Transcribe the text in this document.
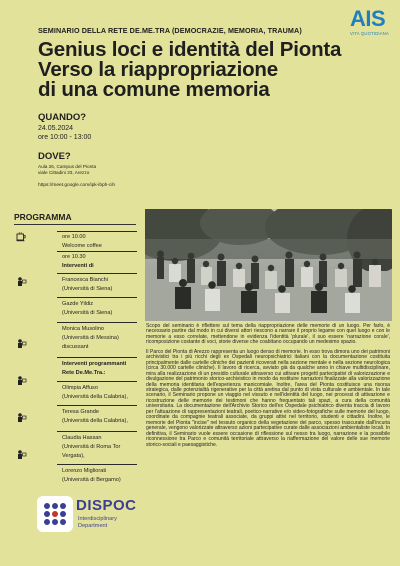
SEMINARIO DELLA RETE DE.ME.TRA (DEMOCRAZIE, MEMORIA, TRAUMA) AIS
VITA QUOTIDIANA
Genius loci e identità del Pionta
Verso la riappropriazione
di una comune memoria
QUANDO?
24.05.2024
ore 10:00 - 13:00
DOVE?
Aula 26, Campus del Pionta
viale Cittadini 33, Arezzo
https://meet.google.com/ipk-ibph-cih
PROGRAMMA
ore 10.00
Welcome coffee
ore 10.30
Interventi di
Francesca Bianchi
(Università di Siena)
Gazde Yildiz
(Università di Siena)
Monica Musolino
(Università di Messina)
discussant
Interventi programmanti
Rete De.Me.Tra.:
Olimpia Affuso
(Università della Calabria),
Teresa Grande
(Università della Calabria),
Claudia Hassan
(Università di Roma Tor
Vergata),
Lorenzo Migliorati
(Università di Bergamo)
DISPOC
Interdisciplinary
Department

Scopo del seminario è riflettere sul tema della riappropriazione delle memorie di un luogo. Per farlo, è necessario partire dal modo in cui diversi attori riescono a narrare il proprio legame con quel luogo e con le memorie a esso correlate, mettendone in evidenza l'identità 'plurale', il suo essere 'narrazione corale', ricomposizione costante di voci, storie diverse che coabitano occupando un medesimo spazio.

Il Parco del Pionta di Arezzo rappresenta un luogo denso di memorie. In esso trova dimora uno dei patrimoni archivistici tra i più ricchi degli ex Ospedali neuropsichiatrici italiani con la documentazione costituita principalmente dalle cartelle cliniche dei pazienti ricoverati nella sezione mentale e nella sezione neurologica (circa 30.000 cartelle cliniche). Il lavoro di ricerca, avviato già da qualche anno in chiave multidisciplinare, mira alla realizzazione di un presidio culturale attraverso cui attivare progetti partecipativi di valorizzazione e divulgazione del patrimonio storico-archivistico in modo da restituire narrazioni finalizzate alla valorizzazione della memoria identitaria dell'esperienza manicomiale. Inoltre, l'area del Pionta costituisce una risorsa strategica, dalle potenzialità rigenerative per la città aretina dal punto di vista culturale e ambientale. In tale scenario, il Seminario propone un viaggio nel vissuto e nell'identità del luogo, nei processi di attivazione e ricostruzione delle memorie dei testimoni che hanno frequentato tali spazi, a cura della comunità universitaria. La documentazione dell'Archivio Storico dell'ex Ospedale psichiatrico diventa traccia di lavoro per l'attuazione di rappresentazioni teatrali, poetico-narrative e/o video-fotografiche sulle memorie del luogo, coordinate da compagnie teatrali associate, da gruppi attivi nel territorio, studenti e cittadini. Inoltre, le memorie del Pionta "incise" nel tessuto organico della vegetazione del parco, spesso trascurate dall'incuria generale, vengono valorizzate attraverso azioni partecipative curate dalle associazioni ambientaliste locali. In definitiva, il Seminario vuole essere occasione di riflessione sul nesso tra luogo, narrazione e la possibile riconnessione tra Parco e comunità territoriale attraverso la riaffermazione del valore delle sue memorie storico-sociali e paesaggistiche.
